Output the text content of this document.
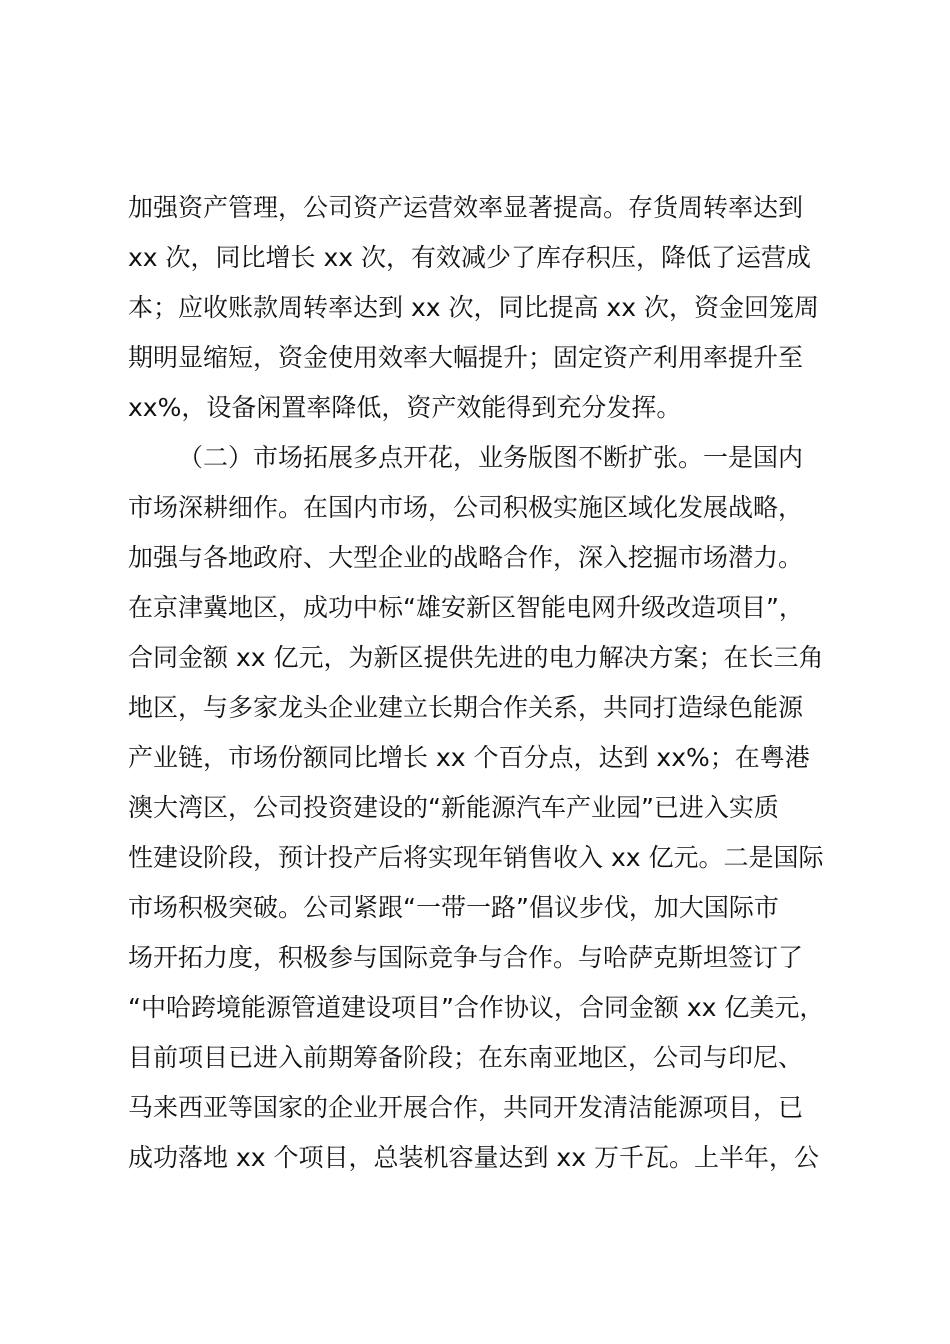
加强资产管理，公司资产运营效率显著提高。存货周转率达到
xx 次，同比增长 xx 次，有效减少了库存积压，降低了运营成
本；应收账款周转率达到 xx 次，同比提高 xx 次，资金回笼周
期明显缩短，资金使用效率大幅提升；固定资产利用率提升至
xx%，设备闲置率降低，资产效能得到充分发挥。
（二）市场拓展多点开花，业务版图不断扩张。一是国内
市场深耕细作。在国内市场，公司积极实施区域化发展战略，
加强与各地政府、大型企业的战略合作，深入挖掘市场潜力。
在京津冀地区，成功中标“雄安新区智能电网升级改造项目”，
合同金额 xx 亿元，为新区提供先进的电力解决方案；在长三角
地区，与多家龙头企业建立长期合作关系，共同打造绿色能源
产业链，市场份额同比增长 xx 个百分点，达到 xx%；在粤港
澳大湾区，公司投资建设的“新能源汽车产业园”已进入实质
性建设阶段，预计投产后将实现年销售收入 xx 亿元。二是国际
市场积极突破。公司紧跟“一带一路”倡议步伐，加大国际市
场开拓力度，积极参与国际竞争与合作。与哈萨克斯坦签订了
“中哈跨境能源管道建设项目”合作协议，合同金额 xx 亿美元，
目前项目已进入前期筹备阶段；在东南亚地区，公司与印尼、
马来西亚等国家的企业开展合作，共同开发清洁能源项目，已
成功落地 xx 个项目，总装机容量达到 xx 万千瓦。上半年，公
